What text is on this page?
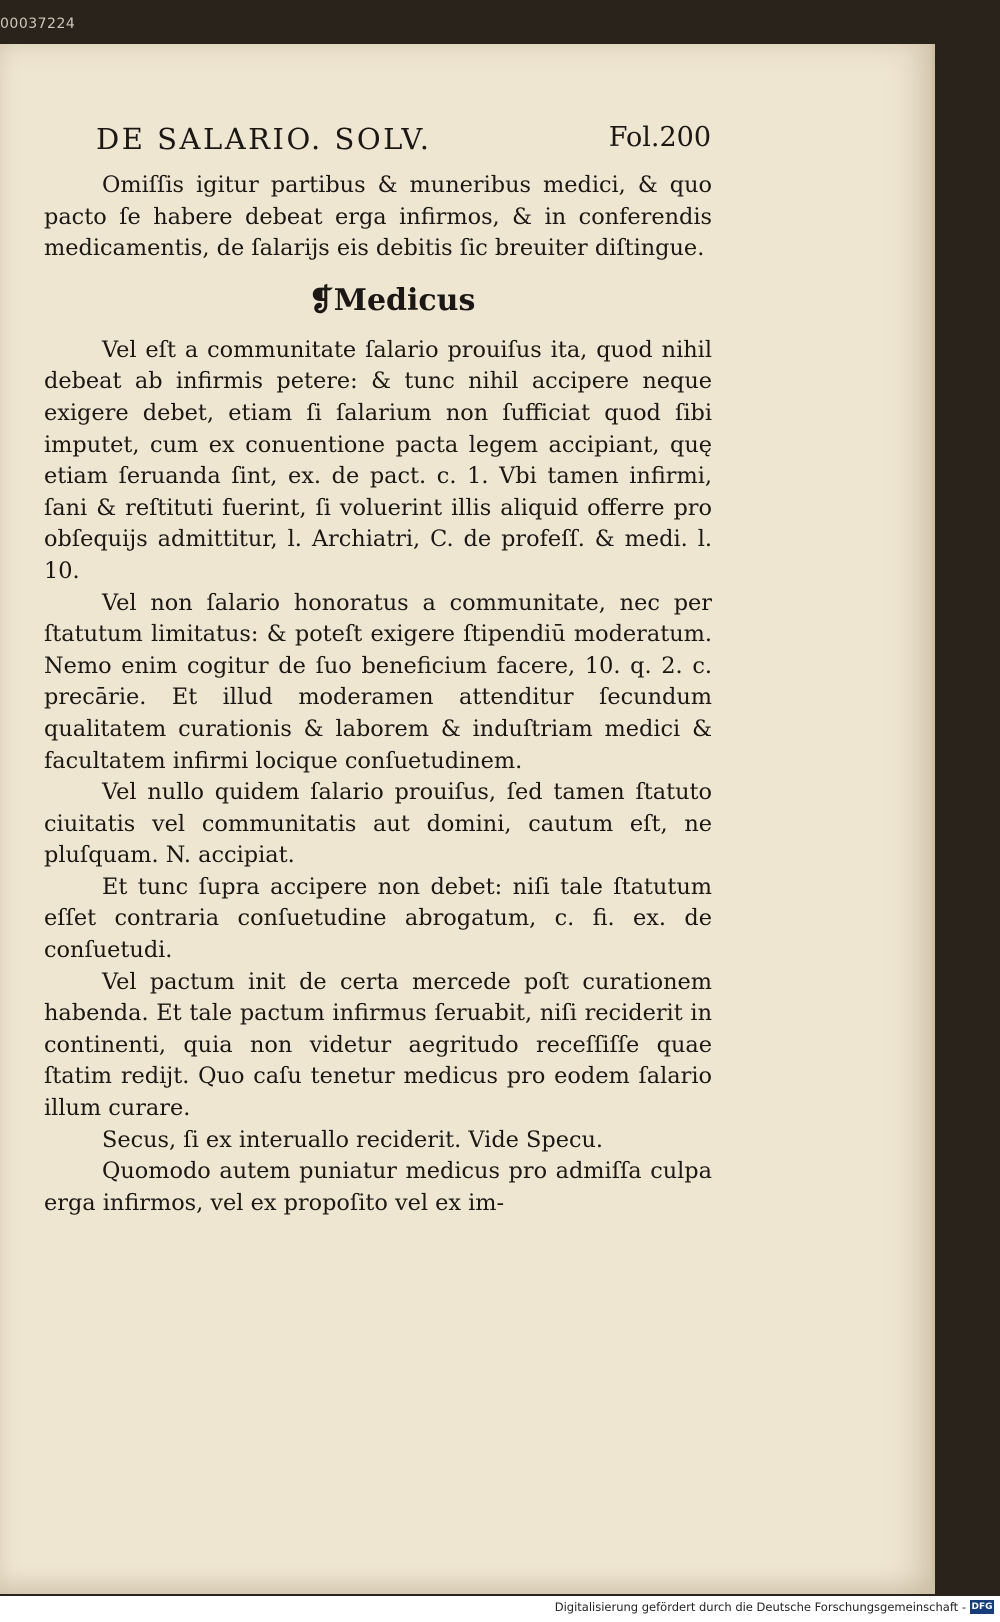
00037224
DE SALARIO. SOLV.	Fol.200

Omiſſis igitur partibus & muneribus medici, & quo pacto ſe habere debeat erga infirmos, & in conferendis medicamentis, de ſalarijs eis debitis ſic breuiter diſtingue.

❡Medicus

Vel eſt a communitate ſalario prouiſus ita, quod nihil debeat ab infirmis petere: & tunc nihil accipere neque exigere debet, etiam ſi ſalarium non ſufficiat quod ſibi imputet, cum ex conuentione pacta legem accipiant, quę etiam ſeruanda ſint, ex. de pact. c. 1. Vbi tamen infirmi, ſani & reſtituti fuerint, ſi voluerint illis aliquid offerre pro obſequijs admittitur, l. Archiatri, C. de profeſſ. & medi. l. 10.

Vel non ſalario honoratus a communitate, nec per ſtatutum limitatus: & poteſt exigere ſtipendiū moderatum. Nemo enim cogitur de ſuo beneficium facere, 10. q. 2. c. precārie. Et illud moderamen attenditur ſecundum qualitatem curationis & laborem & induſtriam medici & facultatem infirmi locique conſuetudinem.

Vel nullo quidem ſalario prouiſus, ſed tamen ſtatuto ciuitatis vel communitatis aut domini, cautum eſt, ne pluſquam. N. accipiat.

Et tunc ſupra accipere non debet: niſi tale ſtatutum eſſet contraria conſuetudine abrogatum, c. fi. ex. de conſuetudi.

Vel pactum init de certa mercede poſt curationem habenda. Et tale pactum infirmus ſeruabit, niſi reciderit in continenti, quia non videtur aegritudo receſſiſſe quae ſtatim redijt. Quo caſu tenetur medicus pro eodem ſalario illum curare.

Secus, ſi ex interuallo reciderit. Vide Specu.

Quomodo autem puniatur medicus pro admiſſa culpa erga infirmos, vel ex propoſito vel ex im-

Digitalisierung gefördert durch die Deutsche Forschungsgemeinschaft - DFG
